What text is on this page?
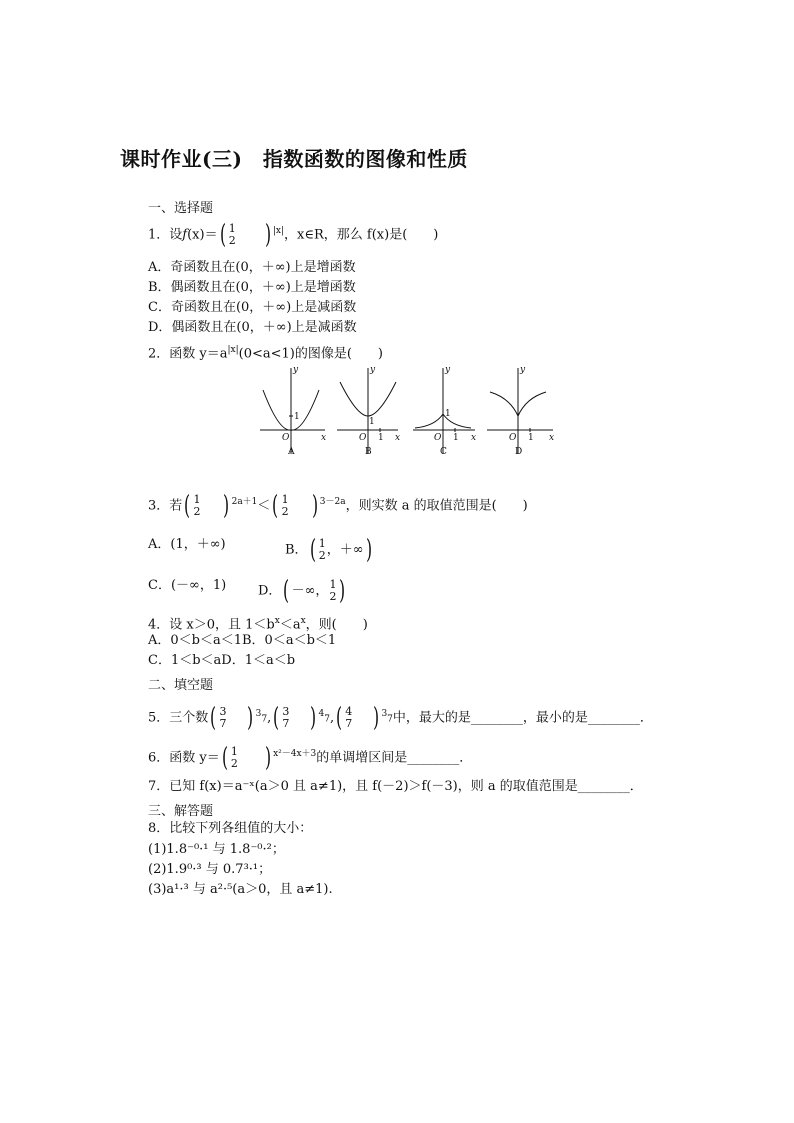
课时作业(三)　指数函数的图像和性质
一、选择题
1．设f(x)＝( 1
2 ) $^{|x|}$，x∈R，那么 f(x)是(　　)
A．奇函数且在(0，＋∞)上是增函数
B．偶函数且在(0，＋∞)上是增函数
C．奇函数且在(0，＋∞)上是减函数
D．偶函数且在(0，＋∞)上是减函数
2．函数 $y=a^{|x|}(0<a<1)$的图像是(　　)
y
x
O
1
A
y
x
O
1
1
B
y
x
O
1
1
C
y
x
O 1
D
3．若( 1
2 ) $^{2a+1}$＜( 1
2 ) $^{3-2a}$，则实数 a 的取值范围是(　　)
A．(1，＋∞)	B．( 1
2 ，＋∞)
C．(－∞，1) D．( －∞， 1
2 )
4．设 x＞0，且 $1<b^x<a^x$，则(　　)
A．0＜b＜a＜1B．0＜a＜b＜1
C．1＜b＜aD．1＜a＜b
二、填空题
5．三个数( 3
7 ) $^3$7,( 3
7 ) $^4$7,( 4
7 ) $^3$7中，最大的是________，最小的是________．
6．函数 y＝( 1
2 ) $^{x^2-4x+3}$的单调增区间是________．
7．已知 f(x)＝a⁻ˣ(a＞0 且 a≠1)，且 f(－2)＞f(－3)，则 a 的取值范围是________．
三、解答题
8．比较下列各组值的大小：
(1)1.8⁻⁰·¹ 与 1.8⁻⁰·²；
(2)1.9⁰·³ 与 0.7³·¹；
(3)a¹·³ 与 a²·⁵(a＞0，且 a≠1).
